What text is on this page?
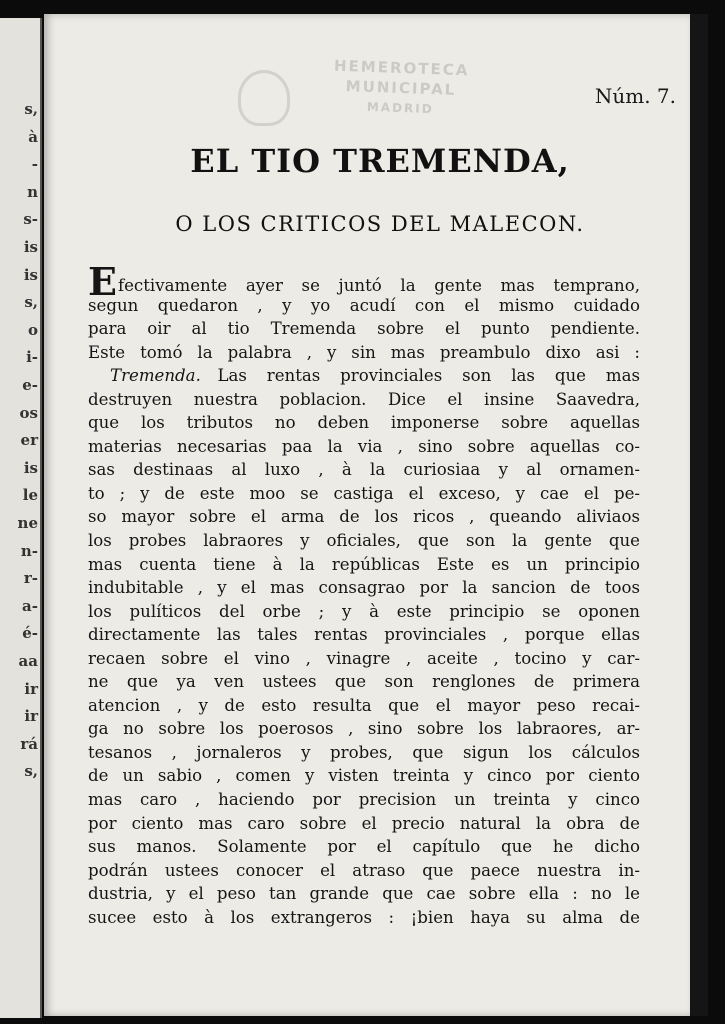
s,
à
-
n
s-
is
is
s,
o
i-
e-
os
er
is
le
ne
n-
r-
a-
é-
aa
ir
ir
rá
s,
HEMEROTECA
MUNICIPAL
MADRID	Núm. 7.
EL TIO TREMENDA,
O LOS CRITICOS DEL MALECON.
Efectivamente ayer se juntó la gente mas temprano,
segun quedaron , y yo acudí con el mismo cuidado
para oir al tio Tremenda sobre el punto pendiente.
Este tomó la palabra , y sin mas preambulo dixo asi :
Tremenda.  Las rentas provinciales son las que mas
destruyen nuestra poblacion. Dice el insine Saavedra,
que los tributos no deben imponerse sobre aquellas
materias necesarias paa la via , sino sobre aquellas co-
sas destinaas al luxo , à la curiosiaa y al ornamen-
to ; y de este moo se castiga el exceso, y cae el pe-
so mayor sobre el arma de los ricos , queando aliviaos
los probes labraores y oficiales, que son la gente que
mas cuenta tiene à la repúblicas Este es un principio
indubitable , y el mas consagrao por la sancion de toos
los pulíticos del orbe ; y à este principio se oponen
directamente las tales rentas provinciales , porque ellas
recaen sobre el vino , vinagre , aceite , tocino y car-
ne que ya ven ustees que son renglones de primera
atencion , y de esto resulta que el mayor peso recai-
ga no sobre los poerosos , sino sobre los labraores, ar-
tesanos , jornaleros y probes, que sigun los cálculos
de un sabio , comen y visten treinta y cinco por ciento
mas caro , haciendo por precision un treinta y cinco
por ciento mas caro sobre el precio natural la obra de
sus manos. Solamente por el capítulo que he dicho
podrán ustees conocer el atraso que paece nuestra in-
dustria, y el peso tan grande que cae sobre ella : no le
sucee esto à los extrangeros : ¡bien haya su alma de
